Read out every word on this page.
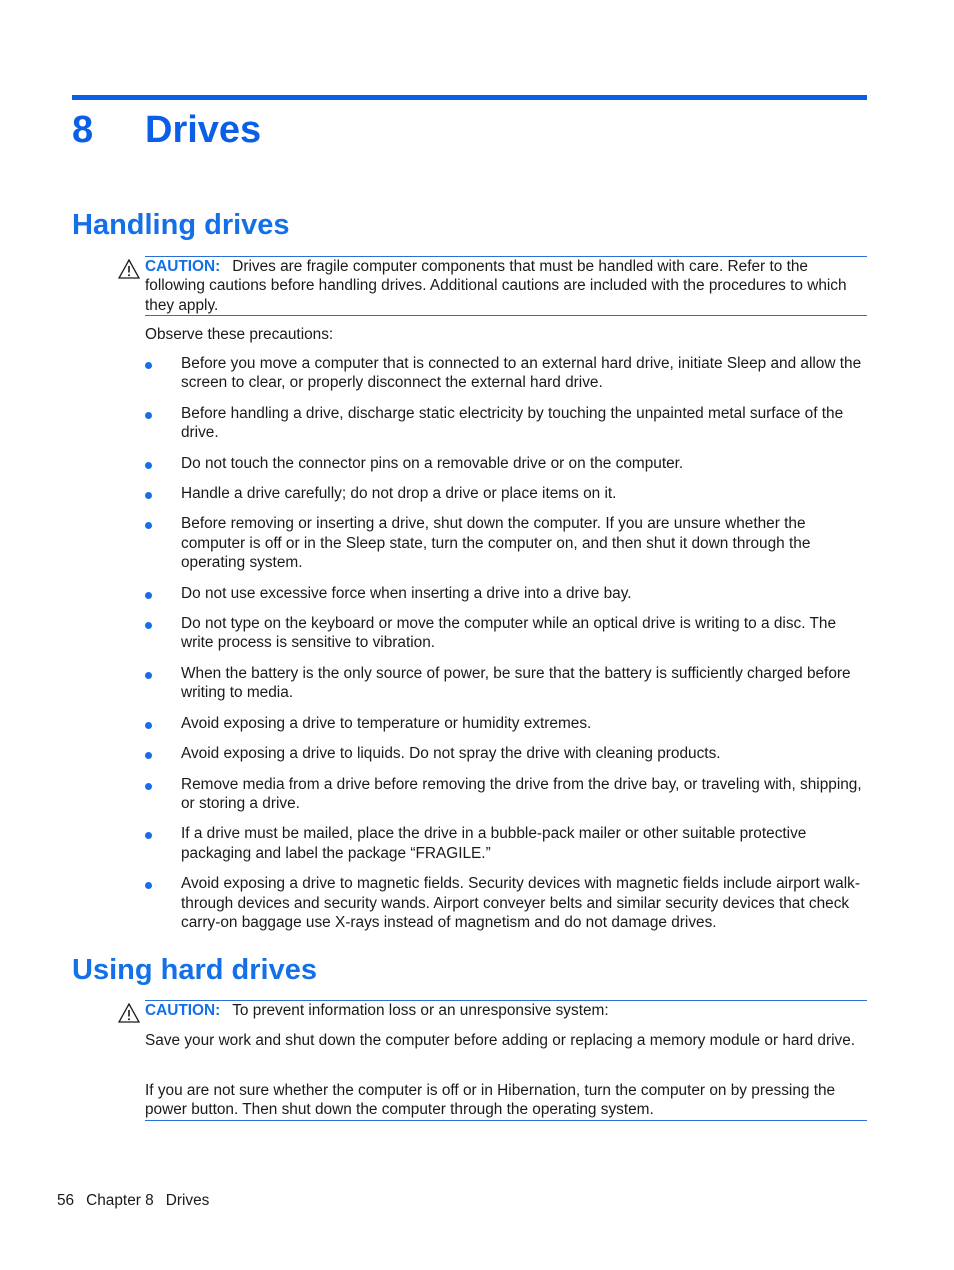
8 Drives
Handling drives
CAUTION: Drives are fragile computer components that must be handled with care. Refer to the following cautions before handling drives. Additional cautions are included with the procedures to which they apply.
Observe these precautions:
Before you move a computer that is connected to an external hard drive, initiate Sleep and allow the screen to clear, or properly disconnect the external hard drive.
Before handling a drive, discharge static electricity by touching the unpainted metal surface of the drive.
Do not touch the connector pins on a removable drive or on the computer.
Handle a drive carefully; do not drop a drive or place items on it.
Before removing or inserting a drive, shut down the computer. If you are unsure whether the computer is off or in the Sleep state, turn the computer on, and then shut it down through the operating system.
Do not use excessive force when inserting a drive into a drive bay.
Do not type on the keyboard or move the computer while an optical drive is writing to a disc. The write process is sensitive to vibration.
When the battery is the only source of power, be sure that the battery is sufficiently charged before writing to media.
Avoid exposing a drive to temperature or humidity extremes.
Avoid exposing a drive to liquids. Do not spray the drive with cleaning products.
Remove media from a drive before removing the drive from the drive bay, or traveling with, shipping, or storing a drive.
If a drive must be mailed, place the drive in a bubble-pack mailer or other suitable protective packaging and label the package “FRAGILE.”
Avoid exposing a drive to magnetic fields. Security devices with magnetic fields include airport walk-through devices and security wands. Airport conveyer belts and similar security devices that check carry-on baggage use X-rays instead of magnetism and do not damage drives.
Using hard drives
CAUTION: To prevent information loss or an unresponsive system:
Save your work and shut down the computer before adding or replacing a memory module or hard drive.
If you are not sure whether the computer is off or in Hibernation, turn the computer on by pressing the power button. Then shut down the computer through the operating system.
56 Chapter 8 Drives
